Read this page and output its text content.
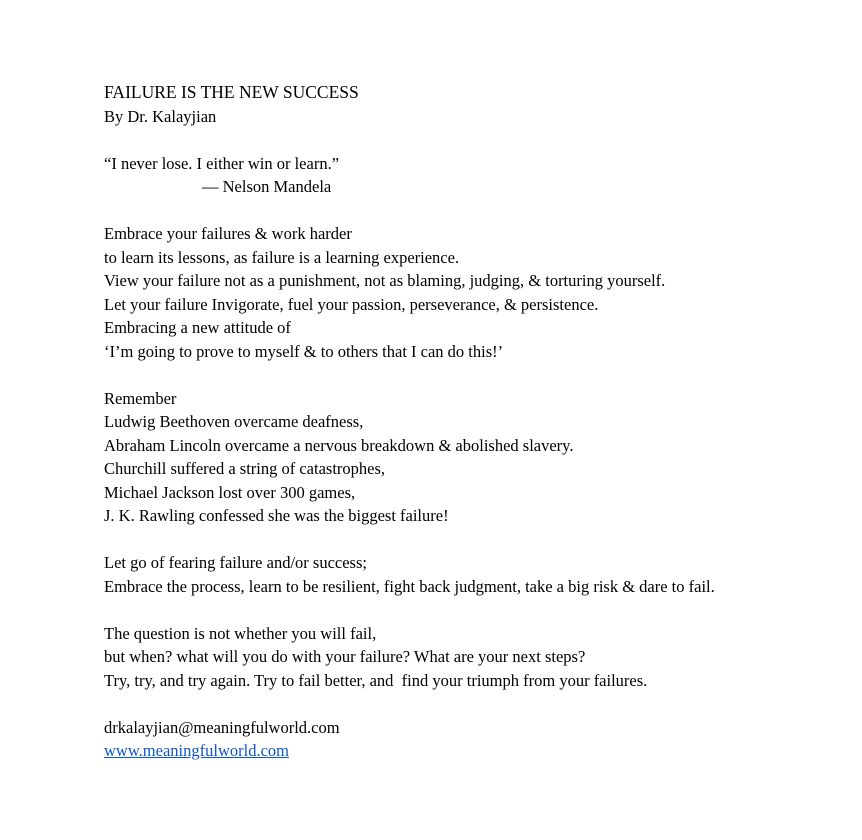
FAILURE IS THE NEW SUCCESS
By Dr. Kalayjian
“I never lose. I either win or learn.”
— Nelson Mandela
Embrace your failures & work harder
to learn its lessons, as failure is a learning experience.
View your failure not as a punishment, not as blaming, judging, & torturing yourself.
Let your failure Invigorate, fuel your passion, perseverance, & persistence.
Embracing a new attitude of
‘I’m going to prove to myself & to others that I can do this!’
Remember
Ludwig Beethoven overcame deafness,
Abraham Lincoln overcame a nervous breakdown & abolished slavery.
Churchill suffered a string of catastrophes,
Michael Jackson lost over 300 games,
J. K. Rawling confessed she was the biggest failure!
Let go of fearing failure and/or success;
Embrace the process, learn to be resilient, fight back judgment, take a big risk & dare to fail.
The question is not whether you will fail,
but when? what will you do with your failure? What are your next steps?
Try, try, and try again. Try to fail better, and  find your triumph from your failures.
drkalayjian@meaningfulworld.com
www.meaningfulworld.com
